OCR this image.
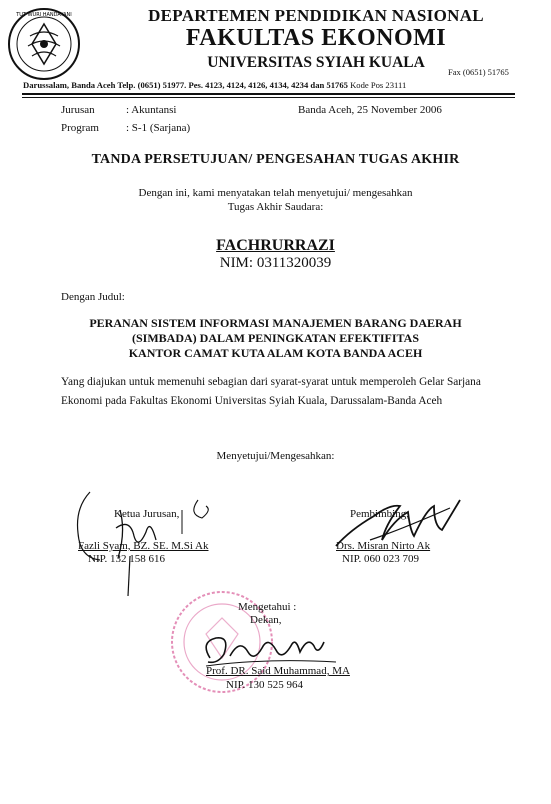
TUT WURI HANDAYANI	DEPARTEMEN PENDIDIKAN NASIONAL
FAKULTAS EKONOMI
UNIVERSITAS SYIAH KUALA
Fax (0651) 51765
Darussalam, Banda Aceh Telp. (0651) 51977. Pes. 4123, 4124, 4126, 4134, 4234 dan 51765 Kode Pos 23111
Jurusan	: Akuntansi
Program : S-1 (Sarjana)
Banda Aceh, 25 November 2006
TANDA PERSETUJUAN/ PENGESAHAN TUGAS AKHIR
Dengan ini, kami menyatakan telah menyetujui/ mengesahkan
Tugas Akhir Saudara:
FACHRURRAZI
NIM: 0311320039
Dengan Judul:
PERANAN SISTEM INFORMASI MANAJEMEN BARANG DAERAH
(SIMBADA) DALAM PENINGKATAN EFEKTIFITAS
KANTOR CAMAT KUTA ALAM KOTA BANDA ACEH
Yang diajukan untuk memenuhi sebagian dari syarat-syarat untuk memperoleh Gelar Sarjana
Ekonomi pada Fakultas Ekonomi Universitas Syiah Kuala, Darussalam-Banda Aceh
Menyetujui/Mengesahkan:
Ketua Jurusan,
Fazli Syam, BZ. SE. M.Si Ak
NIP. 132 158 616
Pembimbing,
Drs. Misran Nirto Ak
NIP. 060 023 709
Mengetahui :
Dekan,
Prof. DR. Said Muhammad, MA
NIP. 130 525 964
